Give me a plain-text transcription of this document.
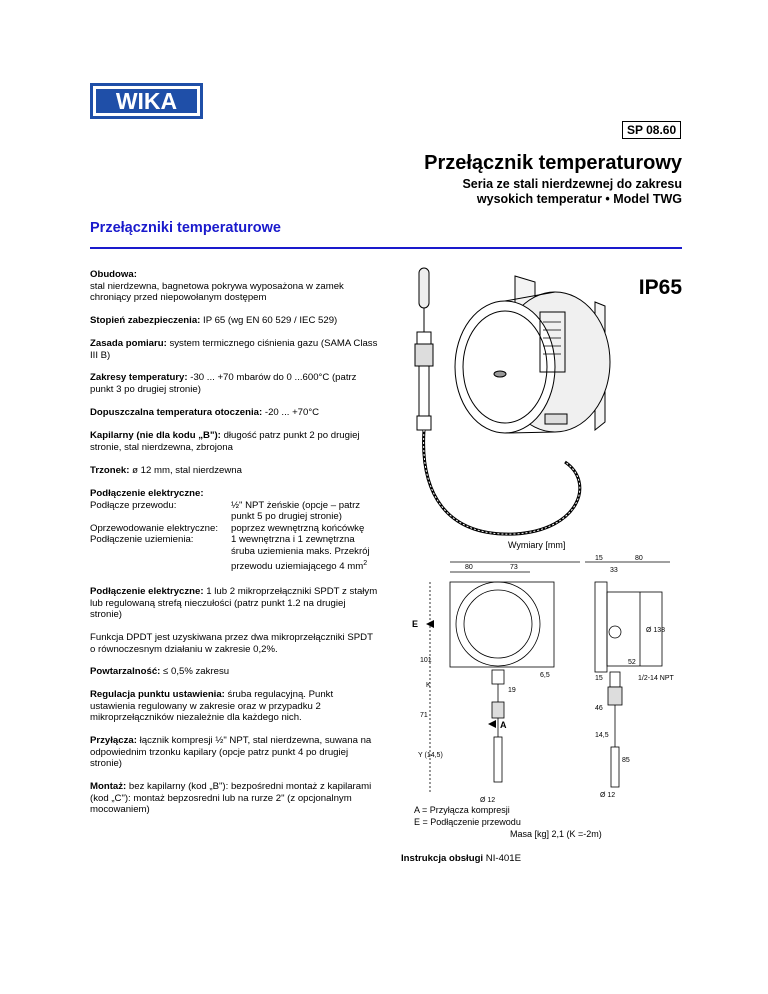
WIKA
SP 08.60
Przełącznik temperaturowy
Seria ze stali nierdzewnej do zakresu
wysokich temperatur • Model TWG
Przełączniki temperaturowe
IP65
Obudowa:
stal nierdzewna, bagnetowa pokrywa wyposażona w zamek chroniący przed niepowołanym dostępem
Stopień zabezpieczenia: IP 65 (wg EN 60 529 / IEC 529)
Zasada pomiaru: system termicznego ciśnienia gazu (SAMA Class III B)
Zakresy temperatury: -30 ... +70 mbarów do 0 ...600°C (patrz punkt 3 po drugiej stronie)
Dopuszczalna temperatura otoczenia: -20 ... +70°C
Kapilarny (nie dla kodu „B"): długość patrz punkt 2 po drugiej stronie, stal nierdzewna, zbrojona
Trzonek: ø 12 mm, stal nierdzewna
Podłączenie elektryczne:
Podłącze przewodu:	½" NPT żeńskie (opcje – patrz punkt 5 po drugiej stronie)
Oprzewodowanie elektryczne:	poprzez wewnętrzną końcówkę
Podłączenie uziemienia:	1 wewnętrzna i 1 zewnętrzna śruba uziemienia maks. Przekrój przewodu uziemiającego 4 $mm^2$
Podłączenie elektryczne: 1 lub 2 mikroprzełączniki SPDT z stałym lub regulowaną strefą nieczułości (patrz punkt 1.2 na drugiej stronie)
Funkcja DPDT jest uzyskiwana przez dwa mikroprzełączniki SPDT o równoczesnym działaniu w zakresie 0,2%.
Powtarzalność: ≤ 0,5% zakresu
Regulacja punktu ustawienia: śruba regulacyjną. Punkt ustawienia regulowany w zakresie oraz w przypadku 2 mikroprzełączników niezależnie dla każdego nich.
Przyłącza: łącznik kompresji ½" NPT, stal nierdzewna, suwana na odpowiednim trzonku kapilary (opcje patrz punkt 4 po drugiej stronie)
Montaż: bez kapilarny (kod „B"): bezpośredni montaż z kapilarami (kod „C"): montaż bepzosredni lub na rurze 2" (z opcjonalnym mocowaniem)
Wymiary [mm]
80	73
15	80
33
Ø 138
52
101
6,5
19
15	1/2-14 NPT
46
71
Y (14,5)
14,5
85
Ø 12
Ø 12
K
E
A
A = Przyłącza kompresji
E = Podłączenie przewodu
Masa [kg] 2,1 (K =-2m)
Instrukcja obsługi NI-401E
